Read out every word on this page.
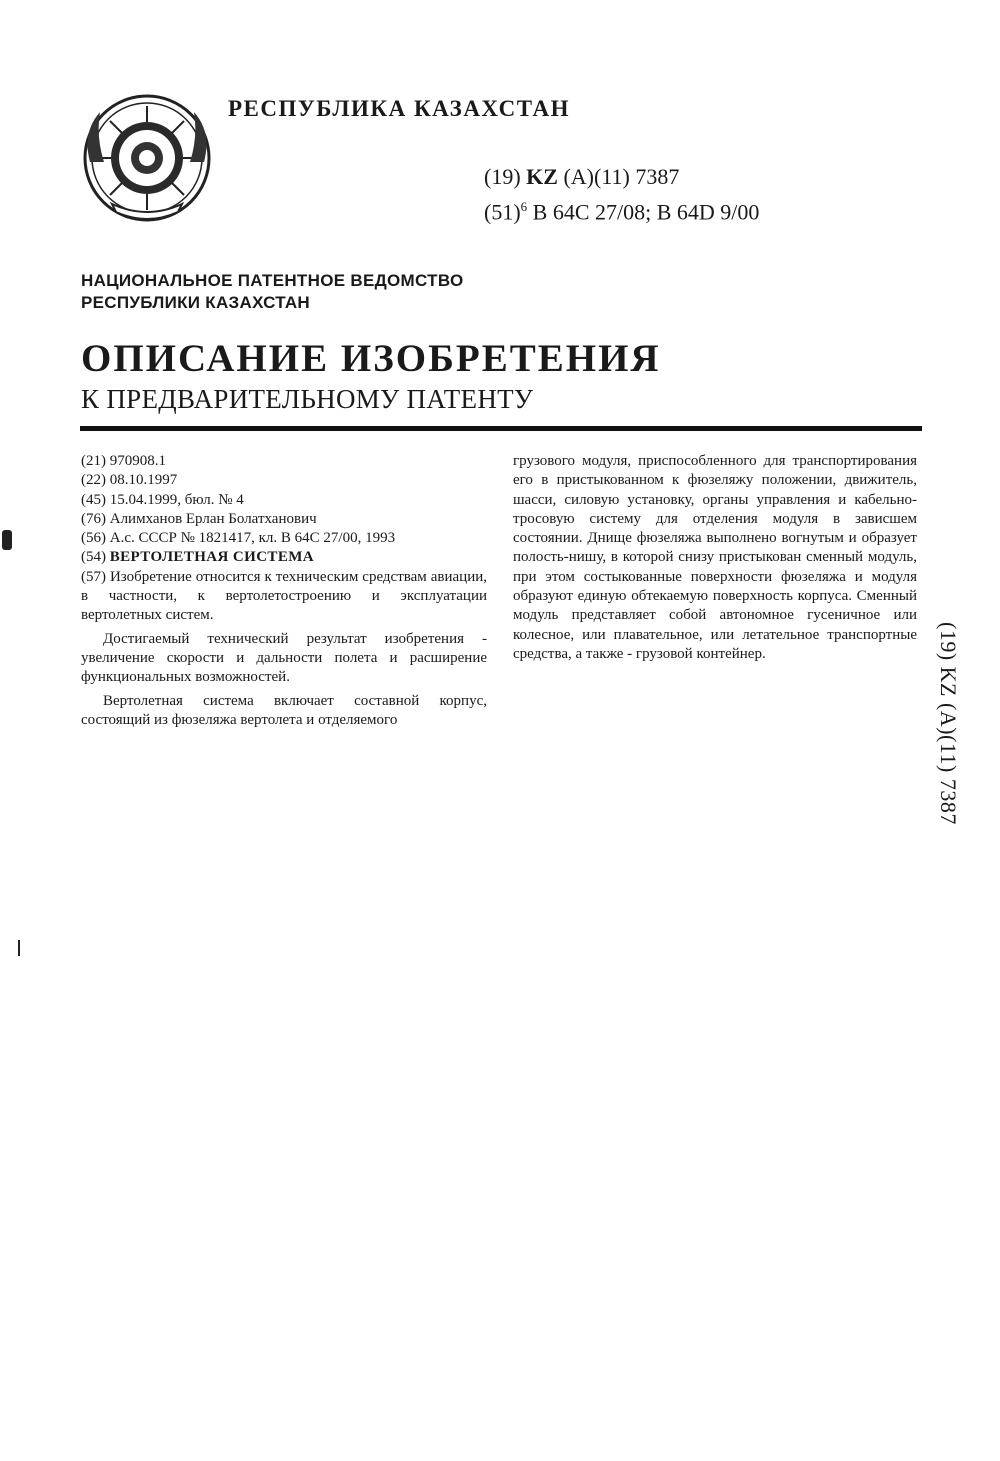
РЕСПУБЛИКА КАЗАХСТАН
(19) KZ (A)(11) 7387
$(51)^6$ B 64C 27/08; B 64D 9/00
НАЦИОНАЛЬНОЕ ПАТЕНТНОЕ ВЕДОМСТВО
РЕСПУБЛИКИ КАЗАХСТАН
ОПИСАНИЕ ИЗОБРЕТЕНИЯ
К ПРЕДВАРИТЕЛЬНОМУ ПАТЕНТУ
(21) 970908.1
(22) 08.10.1997
(45) 15.04.1999, бюл. № 4
(76) Алимханов Ерлан Болатханович
(56) А.с. СССР № 1821417, кл. В 64С 27/00, 1993
(54) ВЕРТОЛЕТНАЯ СИСТЕМА

(57) Изобретение относится к техническим средствам авиации, в частности, к вертолетостроению и эксплуатации вертолетных систем.

Достигаемый технический результат изобретения - увеличение скорости и дальности полета и расширение функциональных возможностей.

Вертолетная система включает составной корпус, состоящий из фюзеляжа вертолета и отделяемого

грузового модуля, приспособленного для транспортирования его в пристыкованном к фюзеляжу положении, движитель, шасси, силовую установку, органы управления и кабельно-тросовую систему для отделения модуля в зависшем состоянии. Днище фюзеляжа выполнено вогнутым и образует полость-нишу, в которой снизу пристыкован сменный модуль, при этом состыкованные поверхности фюзеляжа и модуля образуют единую обтекаемую поверхность корпуса. Сменный модуль представляет собой автономное гусеничное или колесное, или плавательное, или летательное транспортные средства, а также - грузовой контейнер.	(19) KZ (A)(11) 7387
